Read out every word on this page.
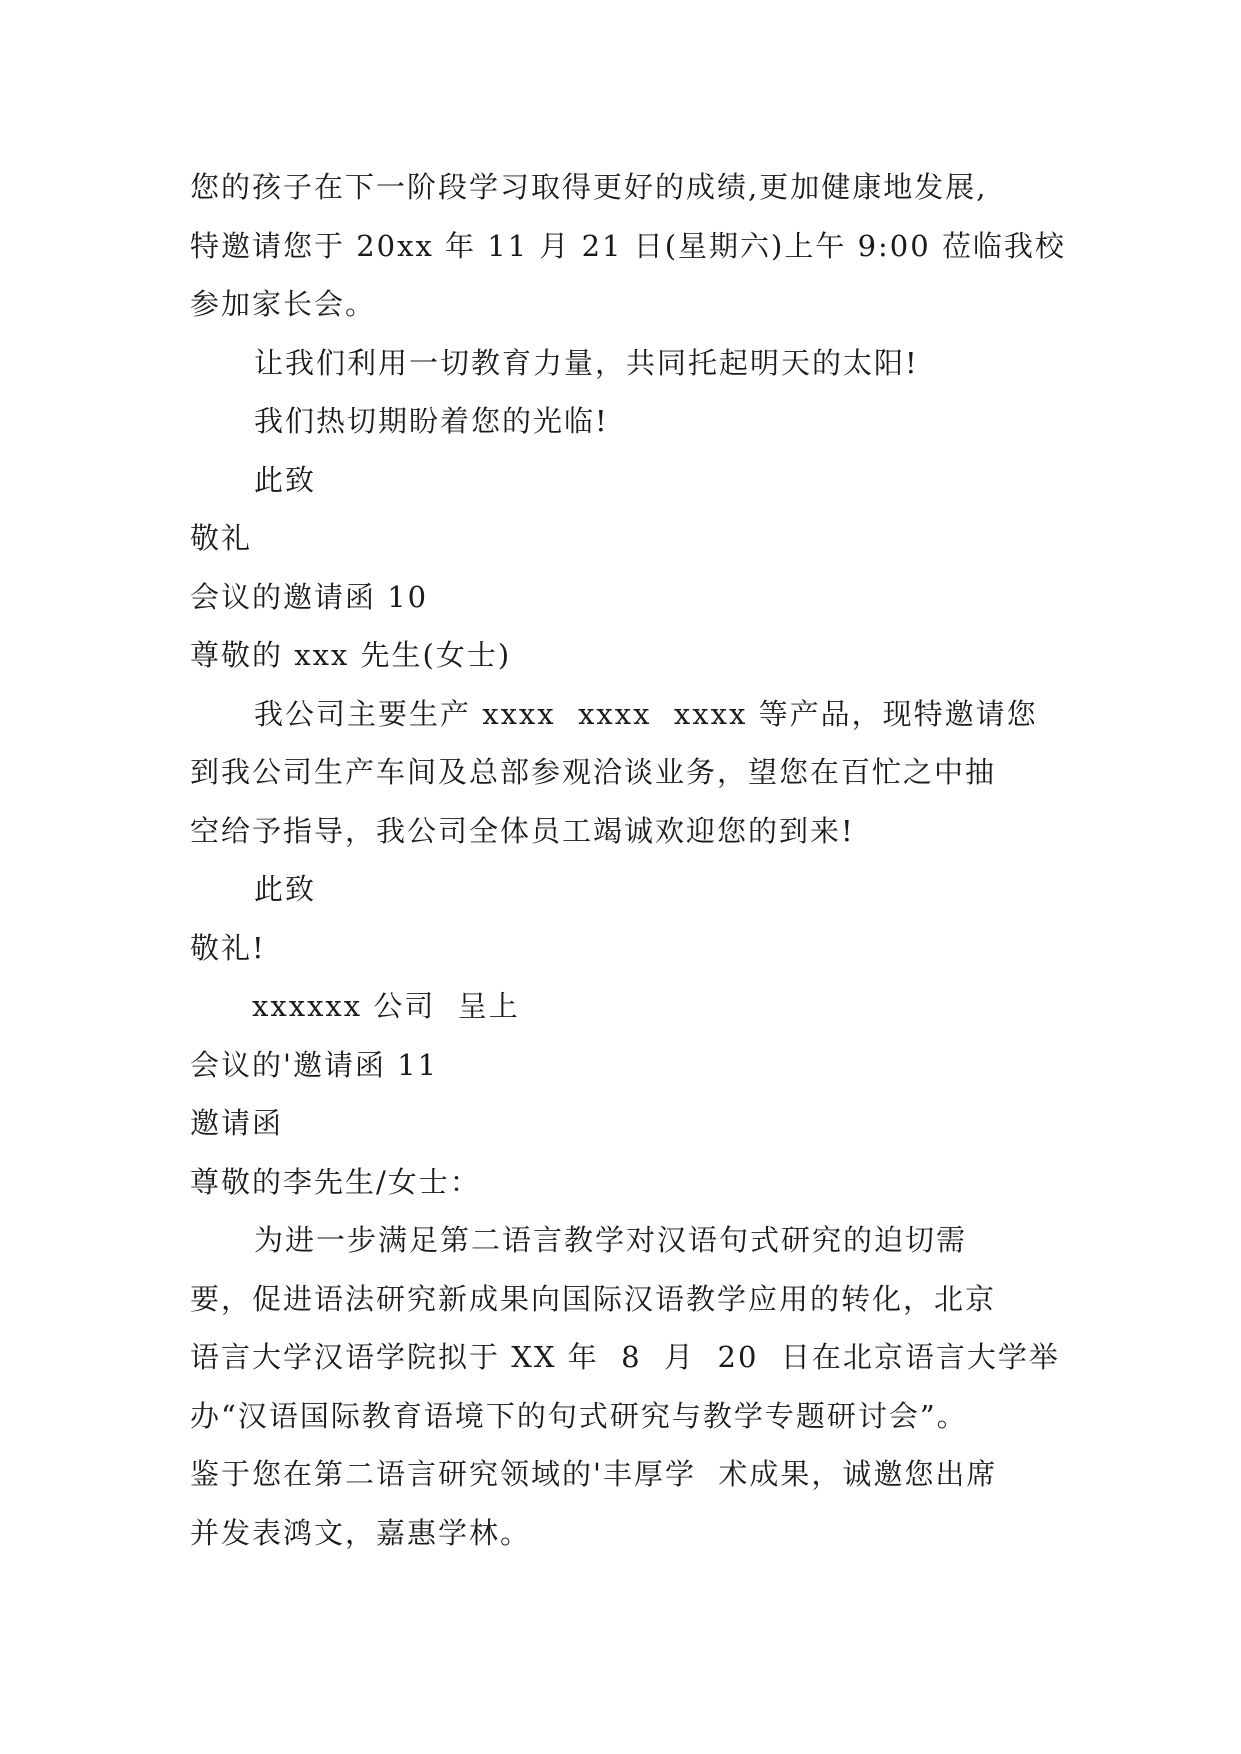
您的孩子在下一阶段学习取得更好的成绩,更加健康地发展,
特邀请您于 20xx 年 11 月 21 日(星期六)上午 9:00 莅临我校
参加家长会。
让我们利用一切教育力量，共同托起明天的太阳!
我们热切期盼着您的光临!
此致
敬礼
会议的邀请函 10
尊敬的 xxx 先生(女士)
我公司主要生产 xxxx  xxxx  xxxx 等产品，现特邀请您
到我公司生产车间及总部参观洽谈业务，望您在百忙之中抽
空给予指导，我公司全体员工竭诚欢迎您的到来!
此致
敬礼!
xxxxxx 公司  呈上
会议的'邀请函 11
邀请函
尊敬的李先生/女士：
为进一步满足第二语言教学对汉语句式研究的迫切需
要，促进语法研究新成果向国际汉语教学应用的转化，北京
语言大学汉语学院拟于 XX 年  8  月  20  日在北京语言大学举
办“汉语国际教育语境下的句式研究与教学专题研讨会”。
鉴于您在第二语言研究领域的'丰厚学  术成果，诚邀您出席
并发表鸿文，嘉惠学林。
